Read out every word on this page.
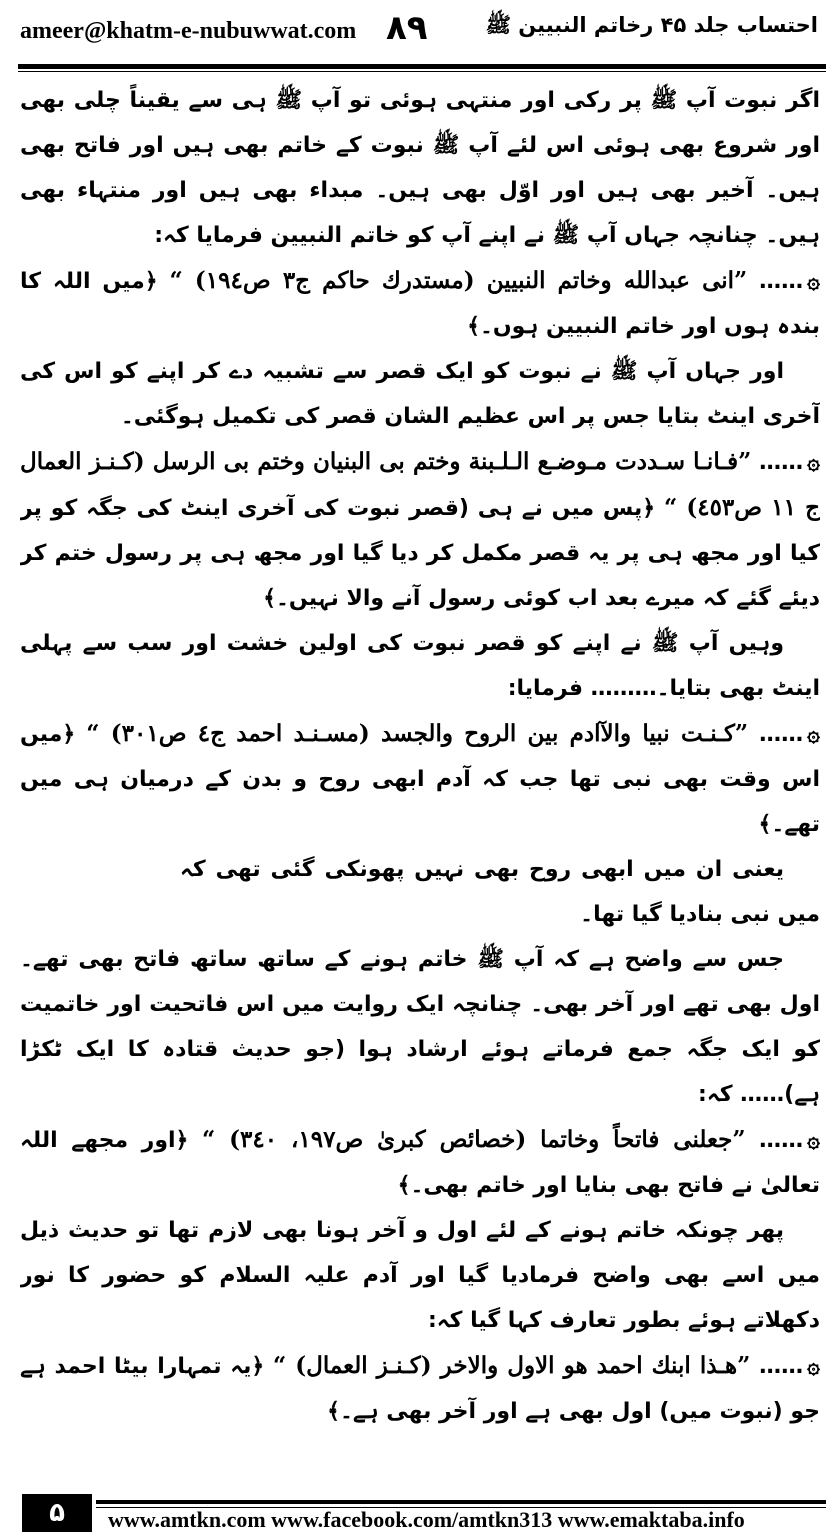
ameer@khatm-e-nubuwwat.com ۸۹	احتساب جلد ۴۵ رخاتم النبیین ﷺ

اگر نبوت آپ ﷺ پر رکی اور منتہی ہوئی تو آپ ﷺ ہی سے یقیناً چلی بھی اور شروع بھی ہوئی اس لئے آپ ﷺ نبوت کے خاتم بھی ہیں اور فاتح بھی ہیں۔ آخیر بھی ہیں اور اوّل بھی ہیں۔ مبداء بھی ہیں اور منتہاء بھی ہیں۔ چنانچہ جہاں آپ ﷺ نے اپنے آپ کو خاتم النبیین فرمایا کہ:

۞…… ”انی عبدالله وخاتم النبیین (مستدرك حاكم ج٣ ص١٩٤) “ ﴿میں اللہ کا بندہ ہوں اور خاتم النبیین ہوں۔﴾

اور جہاں آپ ﷺ نے نبوت کو ایک قصر سے تشبیہ دے کر اپنے کو اس کی آخری اینٹ بتایا جس پر اس عظیم الشان قصر کی تکمیل ہوگئی۔

۞…… ”فـانـا سـددت مـوضـع الـلـبنة وختم بی البنیان وختم بی الرسل (كـنـز العمال ج ١١ ص٤٥٣) “ ﴿پس میں نے ہی (قصر نبوت کی آخری اینٹ کی جگہ کو پر کیا اور مجھ ہی پر یہ قصر مکمل کر دیا گیا اور مجھ ہی پر رسول ختم کر دیئے گئے کہ میرے بعد اب کوئی رسول آنے والا نہیں۔﴾

وہیں آپ ﷺ نے اپنے کو قصر نبوت کی اولین خشت اور سب سے پہلی اینٹ بھی بتایا۔……… فرمایا:

۞…… ”كـنـت نبیا والآادم بین الروح والجسد (مسـنـد احمد ج٤ ص٣٠١) “ ﴿میں اس وقت بھی نبی تھا جب کہ آدم ابھی روح و بدن کے درمیان ہی میں تھے۔﴾

یعنی ان میں ابھی روح بھی نہیں پھونکی گئی تھی کہ میں نبی بنادیا گیا تھا۔

جس سے واضح ہے کہ آپ ﷺ خاتم ہونے کے ساتھ ساتھ فاتح بھی تھے۔ اول بھی تھے اور آخر بھی۔ چنانچہ ایک روایت میں اس فاتحیت اور خاتمیت کو ایک جگہ جمع فرماتے ہوئے ارشاد ہوا (جو حدیث قتادہ کا ایک ٹکڑا ہے)…… کہ:

۞…… ”جعلنی فاتحاً وخاتما (خصائص كبریٰ ص١٩٧، ٣٤٠) “ ﴿اور مجھے اللہ تعالیٰ نے فاتح بھی بنایا اور خاتم بھی۔﴾

پھر چونکہ خاتم ہونے کے لئے اول و آخر ہونا بھی لازم تھا تو حدیث ذیل میں اسے بھی واضح فرمادیا گیا اور آدم علیہ السلام کو حضور کا نور دکھلاتے ہوئے بطور تعارف کہا گیا کہ:

۞…… ”هـذا ابنك احمد هو الاول والاخر (كـنـز العمال) “ ﴿یہ تمہارا بیٹا احمد ہے جو (نبوت میں) اول بھی ہے اور آخر بھی ہے۔﴾

۵	www.amtkn.com www.facebook.com/amtkn313 www.emaktaba.info
